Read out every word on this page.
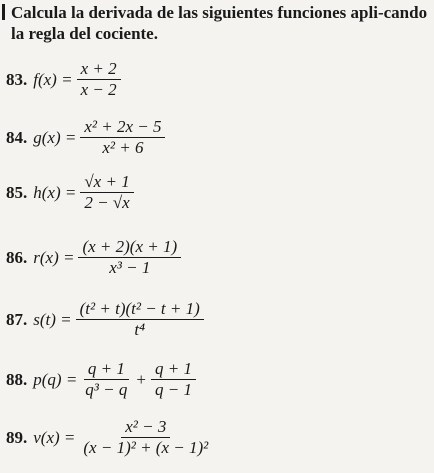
Calcula la derivada de las siguientes funciones apli-cando la regla del cociente.
83. $f(x) = \frac{x + 2}{x - 2}$
84. $g(x) = \frac{\text{x² + 2x − 5}}{\text{x² + 6}}$
85. $h(x) = \frac{√x + 1}{2 - √x}$
86. $r(x) = \frac{(x + 2)(x + 1)}{\text{x³ − 1}}$
87. $s(t) = \frac{\text{(t² + t)(t² − t + 1)}}{\text{t⁴}}$
88. $p(q) = \frac{q + 1}{\text{q³ − q}} + \frac{q + 1}{q - 1}$
89. $v(x) = \frac{\text{x² − 3}}{\text{(x − 1)² + (x − 1)²}}$
